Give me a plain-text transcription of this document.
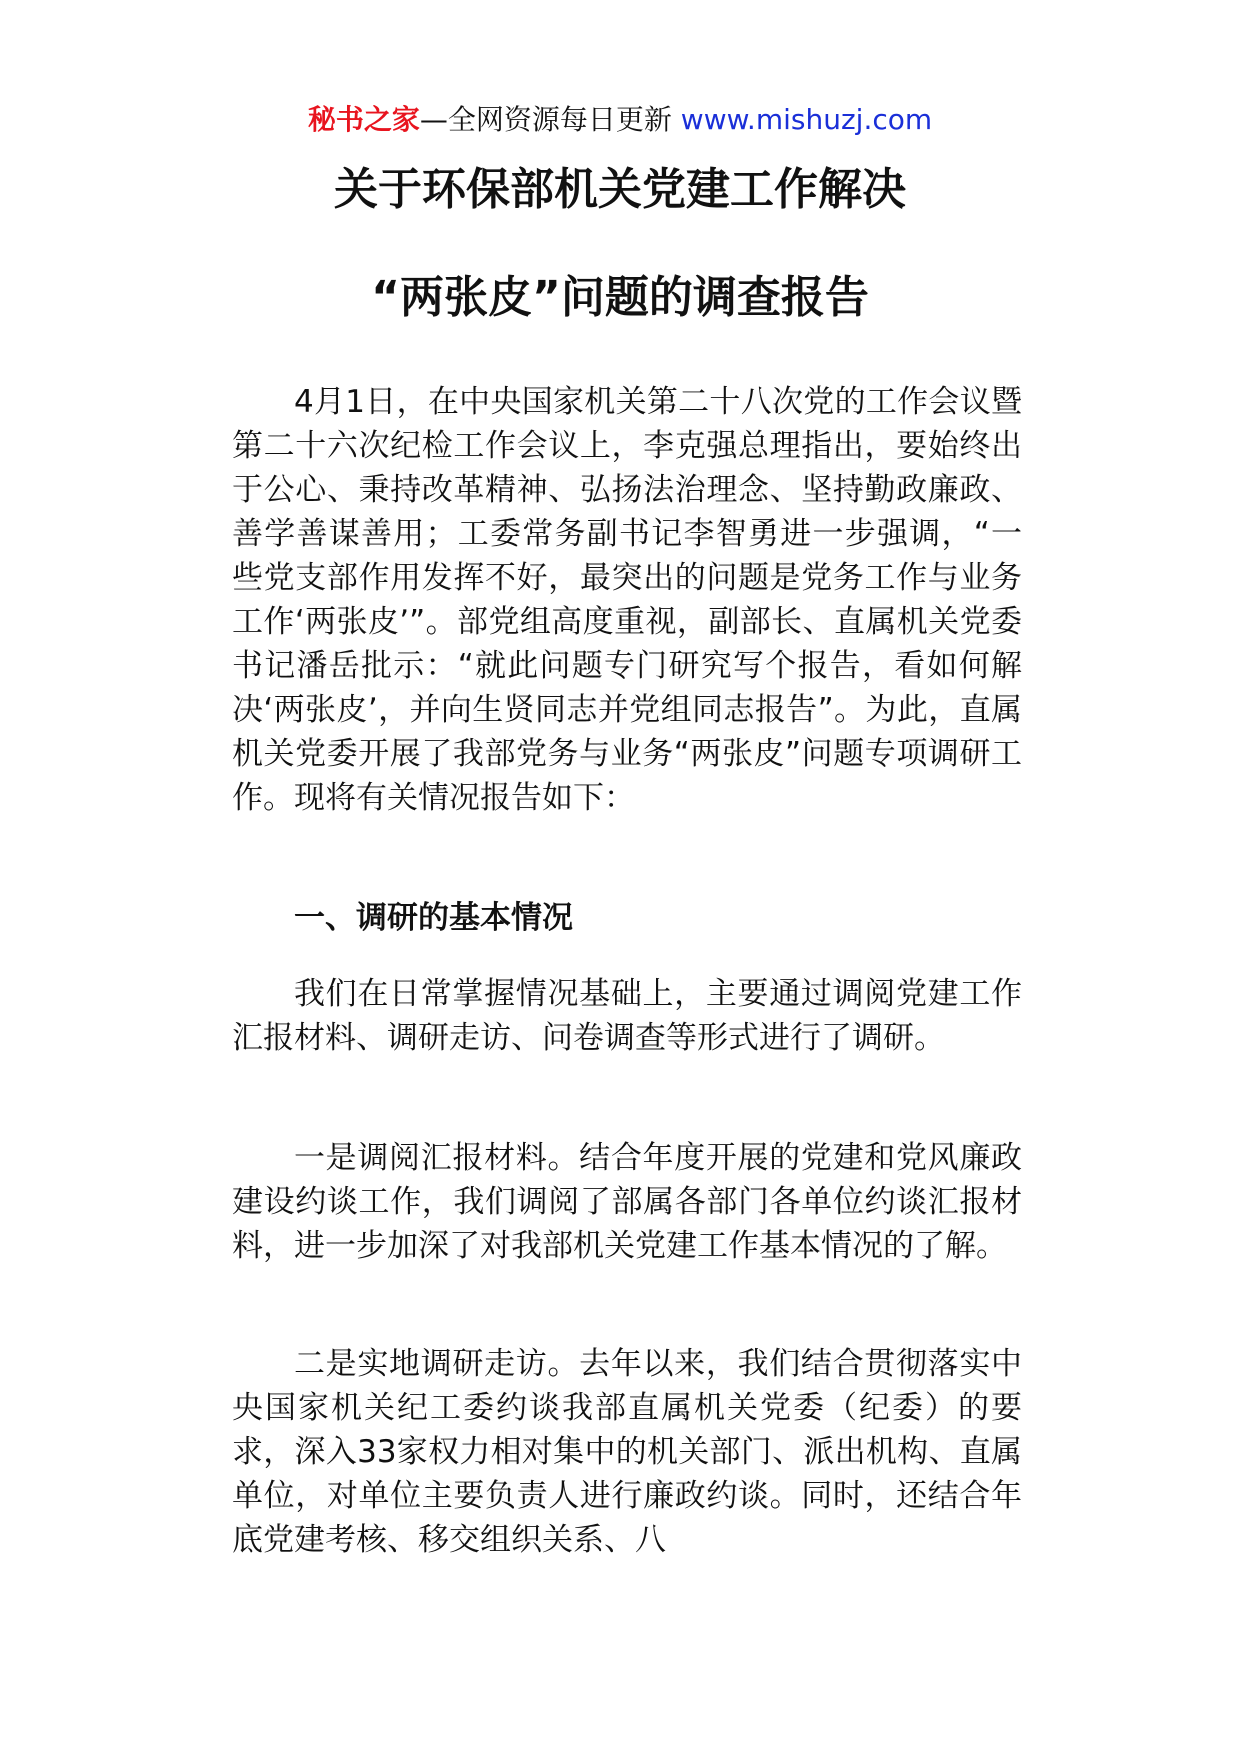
秘书之家—全网资源每日更新 www.mishuzj.com
关于环保部机关党建工作解决
“两张皮”问题的调查报告

4月1日，在中央国家机关第二十八次党的工作会议暨第二十六次纪检工作会议上，李克强总理指出，要始终出于公心、秉持改革精神、弘扬法治理念、坚持勤政廉政、善学善谋善用；工委常务副书记李智勇进一步强调，“一些党支部作用发挥不好，最突出的问题是党务工作与业务工作‘两张皮’”。部党组高度重视，副部长、直属机关党委书记潘岳批示：“就此问题专门研究写个报告，看如何解决‘两张皮’，并向生贤同志并党组同志报告”。为此，直属机关党委开展了我部党务与业务“两张皮”问题专项调研工作。现将有关情况报告如下：

一、调研的基本情况

我们在日常掌握情况基础上，主要通过调阅党建工作汇报材料、调研走访、问卷调查等形式进行了调研。

一是调阅汇报材料。结合年度开展的党建和党风廉政建设约谈工作，我们调阅了部属各部门各单位约谈汇报材料，进一步加深了对我部机关党建工作基本情况的了解。

二是实地调研走访。去年以来，我们结合贯彻落实中央国家机关纪工委约谈我部直属机关党委（纪委）的要求，深入33家权力相对集中的机关部门、派出机构、直属单位，对单位主要负责人进行廉政约谈。同时，还结合年底党建考核、移交组织关系、八
